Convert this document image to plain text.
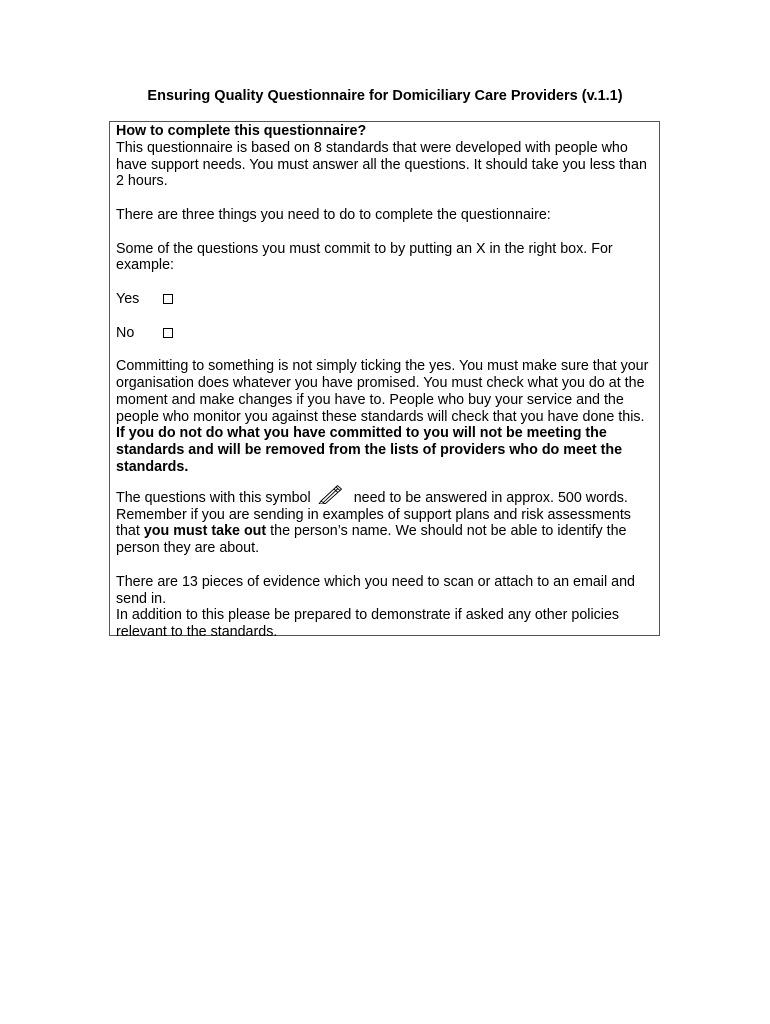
Ensuring Quality Questionnaire for Domiciliary Care Providers (v.1.1)

How to complete this questionnaire?

This questionnaire is based on 8 standards that were developed with people who have support needs. You must answer all the questions. It should take you less than 2 hours.

There are three things you need to do to complete the questionnaire:

Some of the questions you must commit to by putting an X in the right box. For example:

Yes

No

Committing to something is not simply ticking the yes. You must make sure that your organisation does whatever you have promised. You must check what you do at the moment and make changes if you have to. People who buy your service and the people who monitor you against these standards will check that you have done this. If you do not do what you have committed to you will not be meeting the standards and will be removed from the lists of providers who do meet the standards.

The questions with this symbol	need to be answered in approx. 500 words. Remember if you are sending in examples of support plans and risk assessments that you must take out the person’s name. We should not be able to identify the person they are about.

There are 13 pieces of evidence which you need to scan or attach to an email and send in.

In addition to this please be prepared to demonstrate if asked any other policies relevant to the standards.
